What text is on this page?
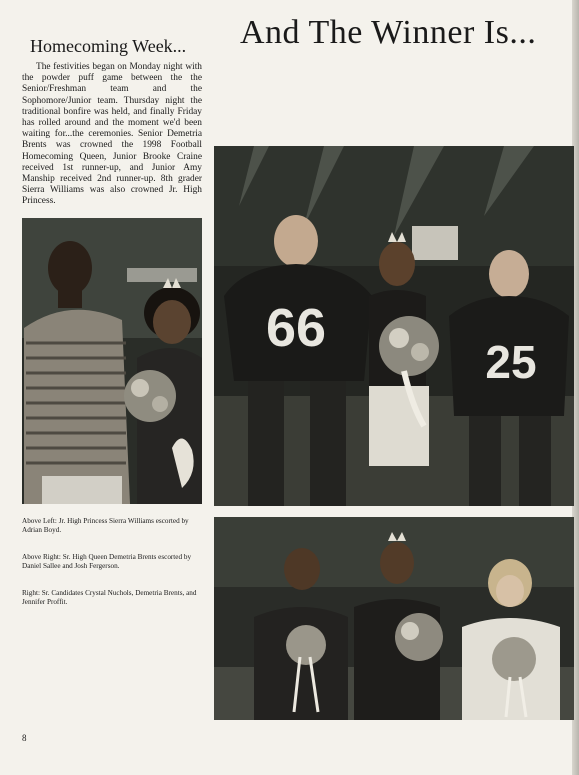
And The Winner Is...
Homecoming Week...

The festivities began on Monday night with the powder puff game between the the Senior/Freshman team and the Sophomore/Junior team. Thursday night the traditional bonfire was held, and finally Friday has rolled around and the moment we'd been waiting for...the ceremonies. Senior Demetria Brents was crowned the 1998 Football Homecoming Queen, Junior Brooke Craine received 1st runner-up, and Junior Amy Manship received 2nd runner-up. 8th grader Sierra Williams was also crowned Jr. High Princess.

66
25

Above Left: Jr. High Princess Sierra Williams escorted by Adrian Boyd.

Above Right: Sr. High Queen Demetria Brents escorted by Daniel Sallee and Josh Fergerson.

Right: Sr. Candidates Crystal Nuchols, Demetria Brents, and Jennifer Proffit.

8
